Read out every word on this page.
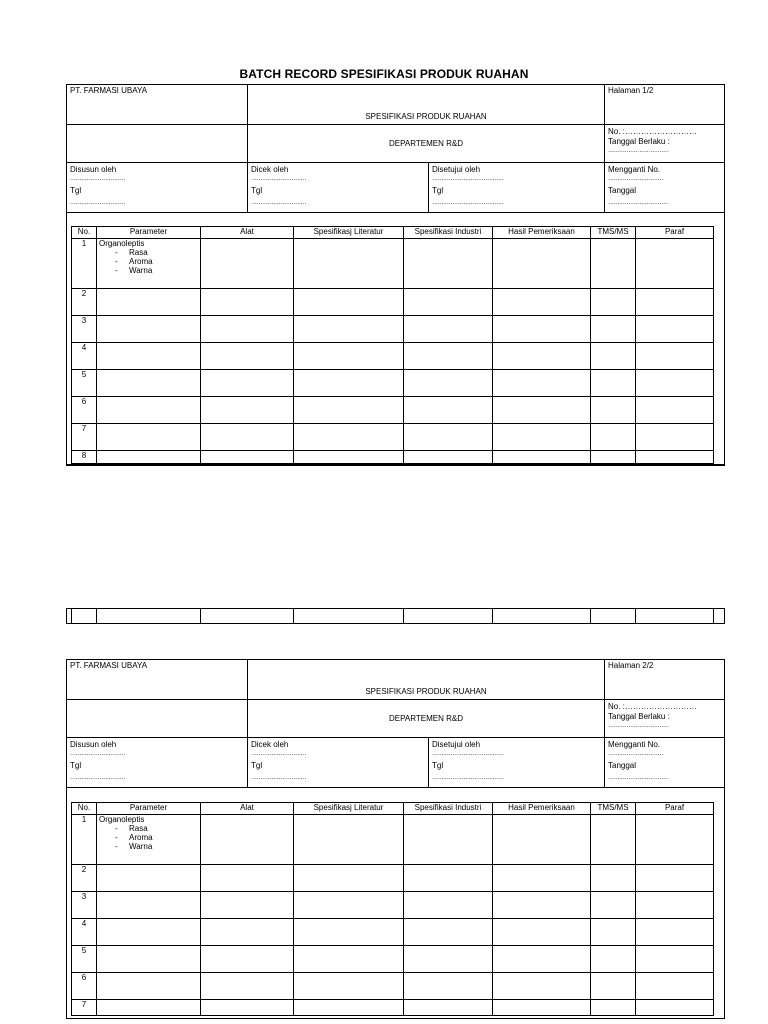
BATCH RECORD SPESIFIKASI PRODUK RUAHAN
PT. FARMASI UBAYA
SPESIFIKASI PRODUK RUAHAN
Halaman 1/2
DEPARTEMEN R&D
No. :………………………
Tanggal Berlaku :
……………………………
Disusun oleh
…………………………
Tgl
…………………………
Dicek oleh
…………………………
Tgl
…………………………
Disetujui oleh
…………………………………
Tgl
…………………………………
Mengganti No.
…………………………
Tanggal
……………………………
No.	Parameter	Alat	Spesifikasj Literatur	Spesifikasi Industri	Hasil Pemeriksaan	TMS/MS	Paraf
1	Organoleptis
- Rasa
- Aroma
- Warna						

2							
3							
4							
5							
6							
7							
8							

PT. FARMASI UBAYA
SPESIFIKASI PRODUK RUAHAN
Halaman 2/2
DEPARTEMEN R&D
No. :………………………
Tanggal Berlaku :
……………………………
Disusun oleh
…………………………
Tgl
…………………………
Dicek oleh
…………………………
Tgl
…………………………
Disetujui oleh
…………………………………
Tgl
…………………………………
Mengganti No.
…………………………
Tanggal
……………………………
No.	Parameter	Alat	Spesifikasj Literatur	Spesifikasi Industri	Hasil Pemeriksaan	TMS/MS	Paraf
1	Organoleptis
- Rasa
- Aroma
- Warna						

2							
3							
4							
5							
6							
7							
